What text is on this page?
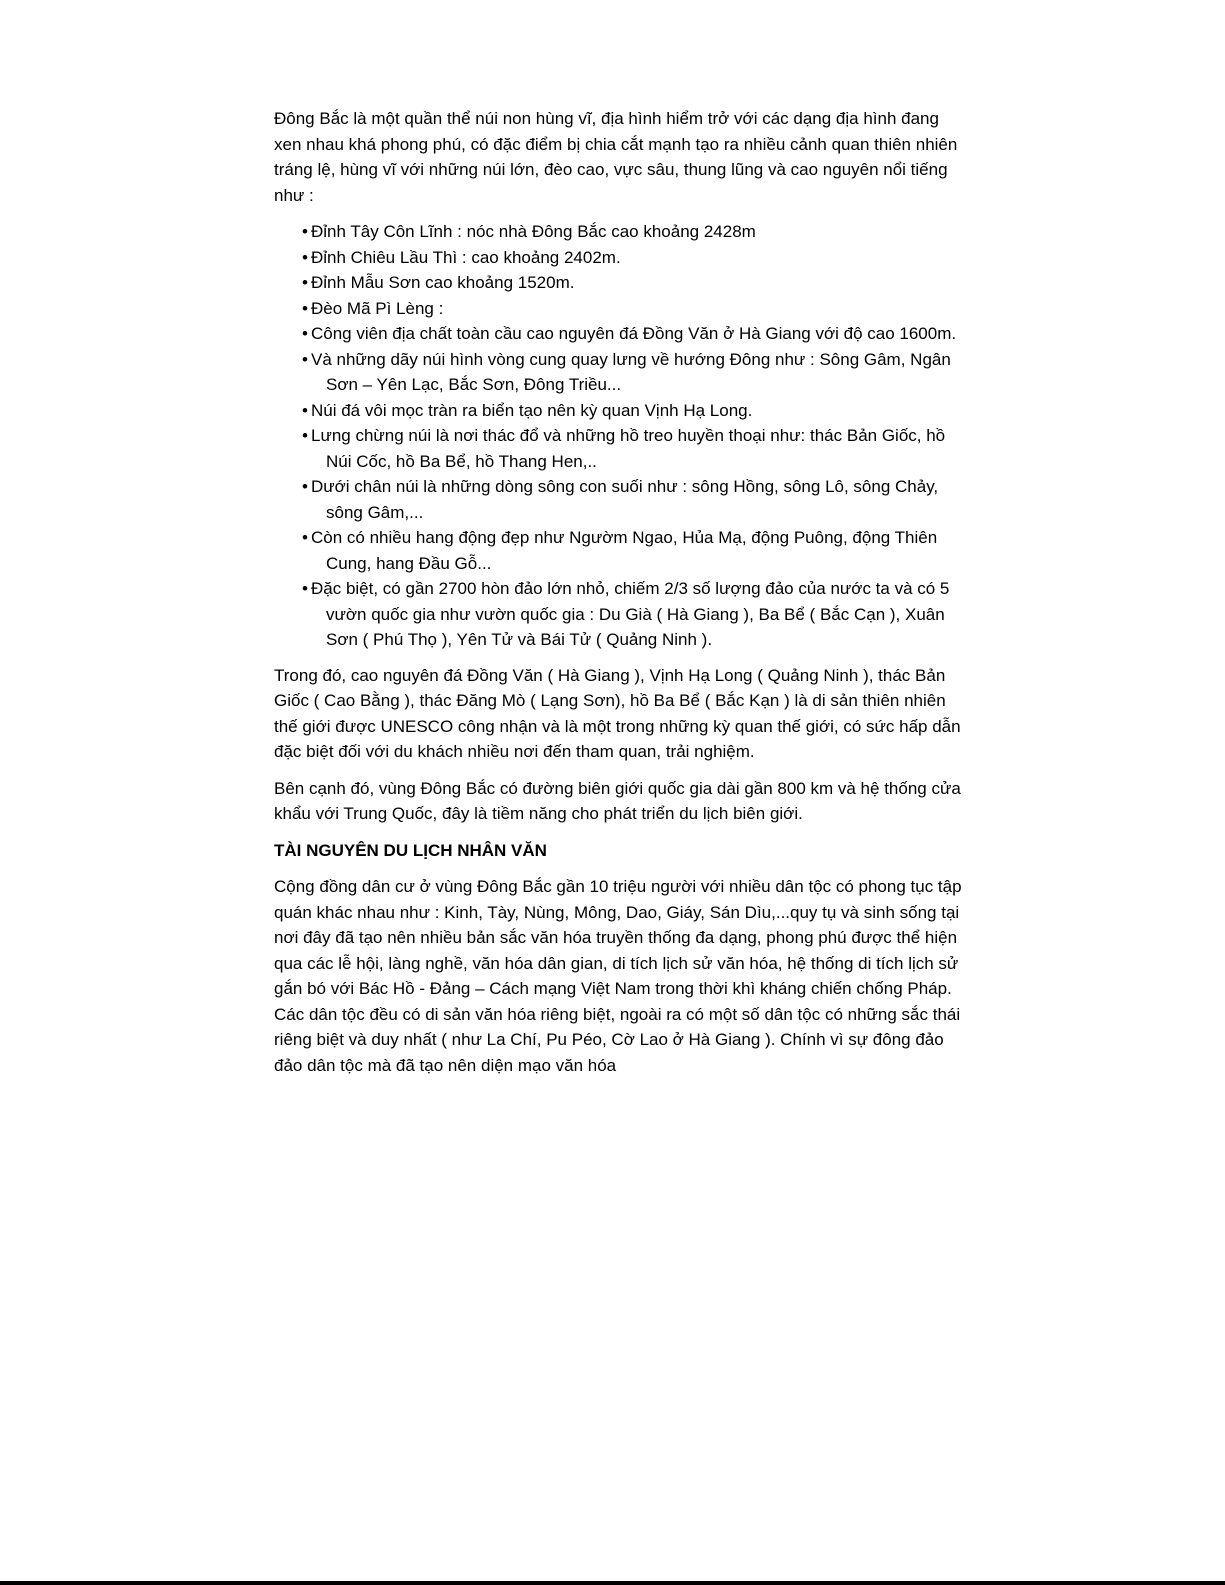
Đông Bắc là một quần thể núi non hùng vĩ, địa hình hiểm trở với các dạng địa hình đang xen nhau khá phong phú, có đặc điểm bị chia cắt mạnh tạo ra nhiều cảnh quan thiên nhiên tráng lệ, hùng vĩ với những núi lớn, đèo cao, vực sâu, thung lũng và cao nguyên nổi tiếng như :

• Đỉnh Tây Côn Lĩnh : nóc nhà Đông Bắc cao khoảng 2428m
• Đỉnh Chiêu Lầu Thì : cao khoảng 2402m.
• Đỉnh Mẫu Sơn cao khoảng 1520m.
• Đèo Mã Pì Lèng :
• Công viên địa chất toàn cầu cao nguyên đá Đồng Văn ở Hà Giang với độ cao 1600m.
• Và những dãy núi hình vòng cung quay lưng về hướng Đông như : Sông Gâm, Ngân Sơn – Yên Lạc, Bắc Sơn, Đông Triều...
• Núi đá vôi mọc tràn ra biển tạo nên kỳ quan Vịnh Hạ Long.
• Lưng chừng núi là nơi thác đổ và những hồ treo huyền thoại như: thác Bản Giốc, hồ Núi Cốc, hồ Ba Bể, hồ Thang Hen,..
• Dưới chân núi là những dòng sông con suối như : sông Hồng, sông Lô, sông Chảy, sông Gâm,...
• Còn có nhiều hang động đẹp như Ngườm Ngao, Hủa Mạ, động Puông, động Thiên Cung, hang Đầu Gỗ...
• Đặc biệt, có gần 2700 hòn đảo lớn nhỏ, chiếm 2/3 số lượng đảo của nước ta và có 5 vườn quốc gia như vườn quốc gia : Du Già ( Hà Giang ), Ba Bể ( Bắc Cạn ), Xuân Sơn ( Phú Thọ ), Yên Tử và Bái Tử ( Quảng Ninh ).

Trong đó, cao nguyên đá Đồng Văn ( Hà Giang ), Vịnh Hạ Long ( Quảng Ninh ), thác Bản Giốc ( Cao Bằng ), thác Đăng Mò ( Lạng Sơn), hồ Ba Bể ( Bắc Kạn ) là di sản thiên nhiên thế giới được UNESCO công nhận và là một trong những kỳ quan thế giới, có sức hấp dẫn đặc biệt đối với du khách nhiều nơi đến tham quan, trải nghiệm.

Bên cạnh đó, vùng Đông Bắc có đường biên giới quốc gia dài gần 800 km và hệ thống cửa khẩu với Trung Quốc, đây là tiềm năng cho phát triển du lịch biên giới.

TÀI NGUYÊN DU LỊCH NHÂN VĂN

Cộng đồng dân cư ở vùng Đông Bắc gần 10 triệu người với nhiều dân tộc có phong tục tập quán khác nhau như : Kinh, Tày, Nùng, Mông, Dao, Giáy, Sán Dìu,...quy tụ và sinh sống tại nơi đây đã tạo nên nhiều bản sắc văn hóa truyền thống đa dạng, phong phú được thể hiện qua các lễ hội, làng nghề, văn hóa dân gian, di tích lịch sử văn hóa, hệ thống di tích lịch sử gắn bó với Bác Hồ - Đảng – Cách mạng Việt Nam trong thời khì kháng chiến chống Pháp. Các dân tộc đều có di sản văn hóa riêng biệt, ngoài ra có một số dân tộc có những sắc thái riêng biệt và duy nhất ( như La Chí, Pu Péo, Cờ Lao ở Hà Giang ). Chính vì sự đông đảo đảo dân tộc mà đã tạo nên diện mạo văn hóa
